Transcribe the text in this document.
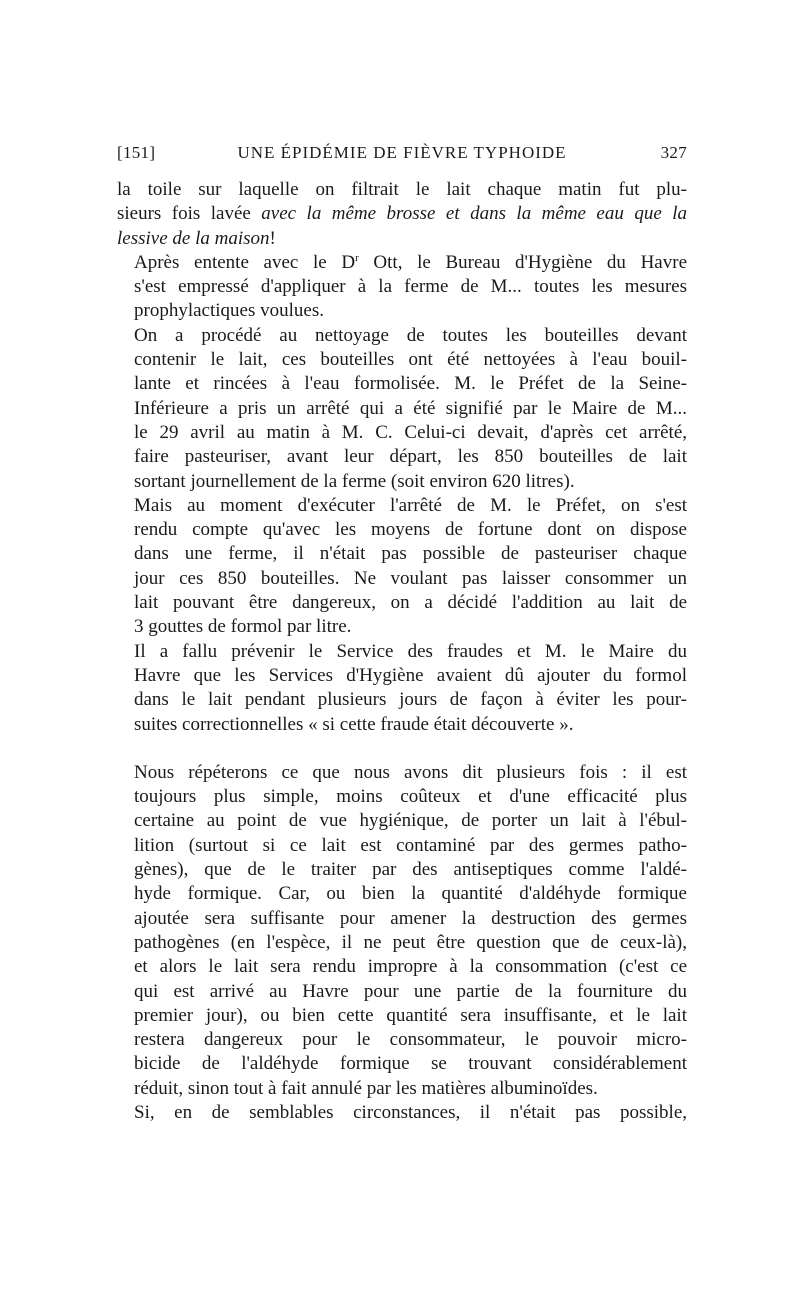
[151]	UNE ÉPIDÉMIE DE FIÈVRE TYPHOIDE	327

la toile sur laquelle on filtrait le lait chaque matin fut plu-
sieurs fois lavée avec la même brosse et dans la même eau que la
lessive de la maison!

Après entente avec le $D^r$ Ott, le Bureau d'Hygiène du Havre
s'est empressé d'appliquer à la ferme de M... toutes les mesures
prophylactiques voulues.

On a procédé au nettoyage de toutes les bouteilles devant
contenir le lait, ces bouteilles ont été nettoyées à l'eau bouil-
lante et rincées à l'eau formolisée. M. le Préfet de la Seine-
Inférieure a pris un arrêté qui a été signifié par le Maire de M...
le 29 avril au matin à M. C. Celui-ci devait, d'après cet arrêté,
faire pasteuriser, avant leur départ, les 850 bouteilles de lait
sortant journellement de la ferme (soit environ 620 litres).

Mais au moment d'exécuter l'arrêté de M. le Préfet, on s'est
rendu compte qu'avec les moyens de fortune dont on dispose
dans une ferme, il n'était pas possible de pasteuriser chaque
jour ces 850 bouteilles. Ne voulant pas laisser consommer un
lait pouvant être dangereux, on a décidé l'addition au lait de
3 gouttes de formol par litre.

Il a fallu prévenir le Service des fraudes et M. le Maire du
Havre que les Services d'Hygiène avaient dû ajouter du formol
dans le lait pendant plusieurs jours de façon à éviter les pour-
suites correctionnelles « si cette fraude était découverte ».

Nous répéterons ce que nous avons dit plusieurs fois : il est
toujours plus simple, moins coûteux et d'une efficacité plus
certaine au point de vue hygiénique, de porter un lait à l'ébul-
lition (surtout si ce lait est contaminé par des germes patho-
gènes), que de le traiter par des antiseptiques comme l'aldé-
hyde formique. Car, ou bien la quantité d'aldéhyde formique
ajoutée sera suffisante pour amener la destruction des germes
pathogènes (en l'espèce, il ne peut être question que de ceux-là),
et alors le lait sera rendu impropre à la consommation (c'est ce
qui est arrivé au Havre pour une partie de la fourniture du
premier jour), ou bien cette quantité sera insuffisante, et le lait
restera dangereux pour le consommateur, le pouvoir micro-
bicide de l'aldéhyde formique se trouvant considérablement
réduit, sinon tout à fait annulé par les matières albuminoïdes.

Si, en de semblables circonstances, il n'était pas possible,
